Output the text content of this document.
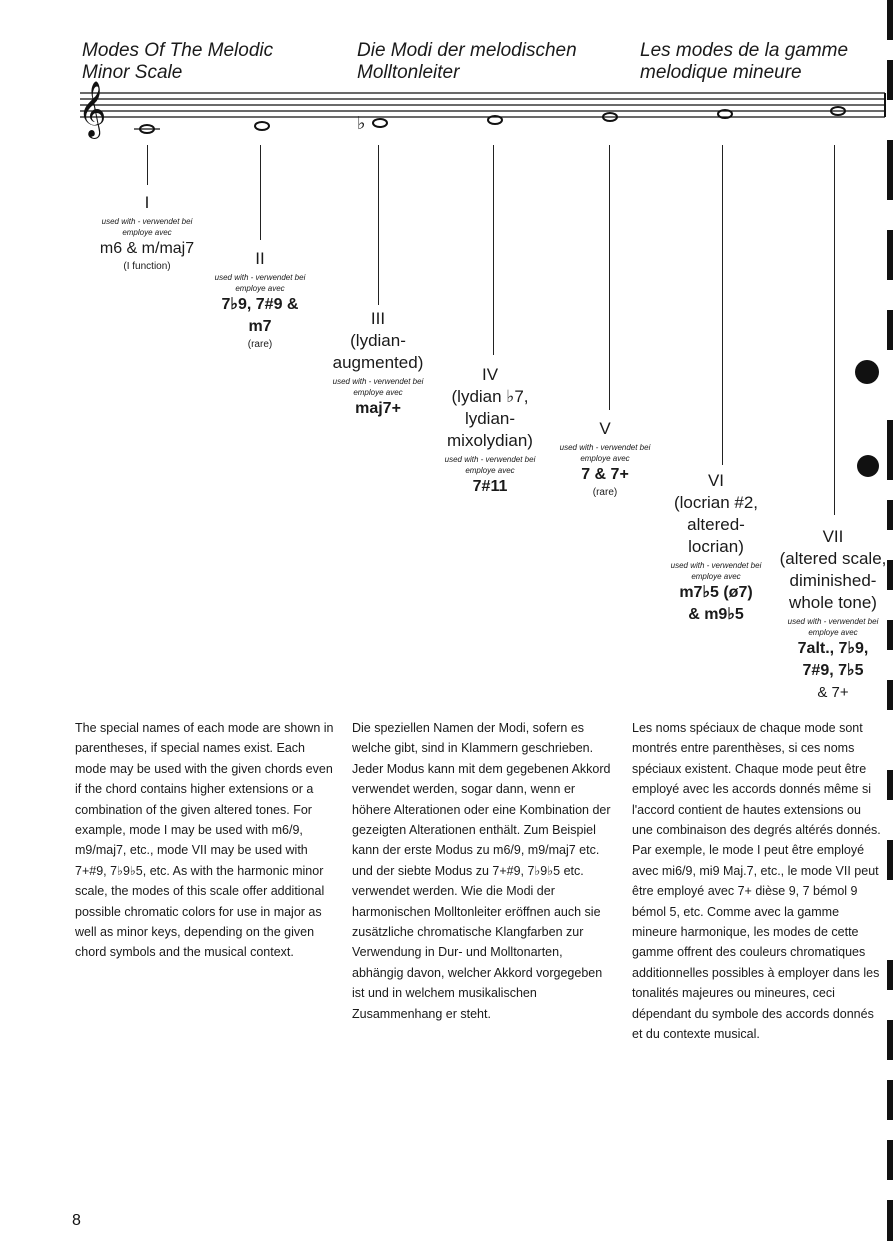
Modes Of The Melodic
Minor Scale
Die Modi der melodischen
Molltonleiter
Les modes de la gamme
melodique mineure
𝄞	♭
I
used with - verwendet bei
employe avec
m6 & m/maj7
(I function)	II
used with - verwendet bei
employe avec
7♭9, 7#9 &
m7
(rare)
III
(lydian-
augmented)
used with - verwendet bei
employe avec
maj7+
IV
(lydian ♭7,
lydian-
mixolydian)
used with - verwendet bei
employe avec
7#11
V
used with - verwendet bei
employe avec
7 & 7+
(rare)
VI
(locrian #2,
altered-
locrian)
used with - verwendet bei
employe avec
m7♭5 (ø7)
& m9♭5
VII
(altered scale,
diminished-
whole tone)
used with - verwendet bei
employe avec
7alt., 7♭9,
7#9, 7♭5
& 7+

The special names of each mode are shown in parentheses, if special names exist. Each mode may be used with the given chords even if the chord contains higher extensions or a combination of the given altered tones. For example, mode I may be used with m6/9, m9/maj7, etc., mode VII may be used with 7+#9, 7♭9♭5, etc. As with the harmonic minor scale, the modes of this scale offer additional possible chromatic colors for use in major as well as minor keys, depending on the given chord symbols and the musical context.

Die speziellen Namen der Modi, sofern es welche gibt, sind in Klammern geschrieben. Jeder Modus kann mit dem gegebenen Akkord verwendet werden, sogar dann, wenn er höhere Alterationen oder eine Kombination der gezeigten Alterationen enthält. Zum Beispiel kann der erste Modus zu m6/9, m9/maj7 etc. und der siebte Modus zu 7+#9, 7♭9♭5 etc. verwendet werden. Wie die Modi der harmonischen Molltonleiter eröffnen auch sie zusätzliche chromatische Klangfarben zur Verwendung in Dur- und Molltonarten, abhängig davon, welcher Akkord vorgegeben ist und in welchem musikalischen Zusammenhang er steht.

Les noms spéciaux de chaque mode sont montrés entre parenthèses, si ces noms spéciaux existent. Chaque mode peut être employé avec les accords donnés même si l'accord contient de hautes extensions ou une combinaison des degrés altérés donnés. Par exemple, le mode I peut être employé avec mi6/9, mi9 Maj.7, etc., le mode VII peut être employé avec 7+ dièse 9, 7 bémol 9 bémol 5, etc. Comme avec la gamme mineure harmonique, les modes de cette gamme offrent des couleurs chromatiques additionnelles possibles à employer dans les tonalités majeures ou mineures, ceci dépendant du symbole des accords donnés et du contexte musical.

8
